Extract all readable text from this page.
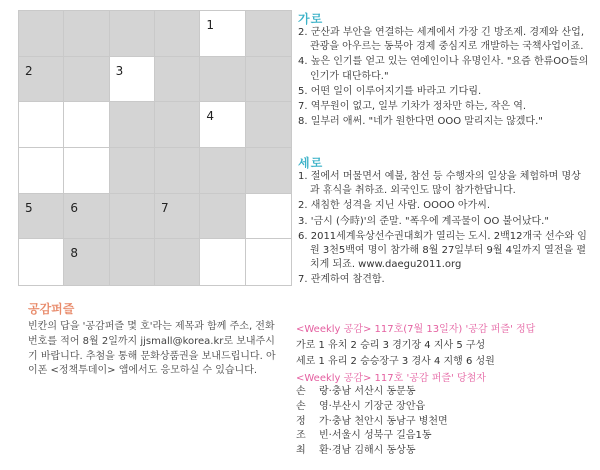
1
2	3
4
5	6	7
8
가로
2. 군산과 부안을 연결하는 세계에서 가장 긴 방조제. 경제와 산업, 관광을 아우르는 동북아 경제 중심지로 개발하는 국책사업이죠.
4. 높은 인기를 얻고 있는 연예인이나 유명인사. "요즘 한류OO들의 인기가 대단하다."
5. 어떤 일이 이루어지기를 바라고 기다림.
7. 역무원이 없고, 일부 기차가 정차만 하는, 작은 역.
8. 일부러 애써. "네가 원한다면 OOO 말리지는 않겠다."
세로
1. 절에서 머물면서 예불, 참선 등 수행자의 일상을 체험하며 명상과 휴식을 취하죠. 외국인도 많이 참가한답니다.
2. 새침한 성격을 지닌 사람. OOOO 아가씨.
3. '금시 (今時)'의 준말. "폭우에 계곡물이 OO 불어났다."
6. 2011세계육상선수권대회가 열리는 도시. 2백12개국 선수와 임원 3천5백여 명이 참가해 8월 27일부터 9월 4일까지 열전을 펼치게 되죠. www.daegu2011.org
7. 관계하여 참견함.
공감퍼즐
빈칸의 답을 '공감퍼즐 몇 호'라는 제목과 함께 주소, 전화번호를 적어 8월 2일까지 jjsmall@korea.kr로 보내주시기 바랍니다. 추첨을 통해 문화상품권을 보내드립니다. 아이폰 <정책투데이> 앱에서도 응모하실 수 있습니다.
<Weekly 공감> 117호(7월 13일자) '공감 퍼즐' 정답
가로 1 유치 2 승리 3 경기장 4 지사 5 구성
세로 1 유리 2 승승장구 3 경사 4 지행 6 성원
<Weekly 공감> 117호 '공감 퍼즐' 당첨자
손	랑·충남 서산시 동문동
손	영·부산시 기장군 장안읍
정	가·충남 천안시 동남구 병천면
조	빈·서울시 성북구 길음1동
최	환·경남 김해시 동상동
